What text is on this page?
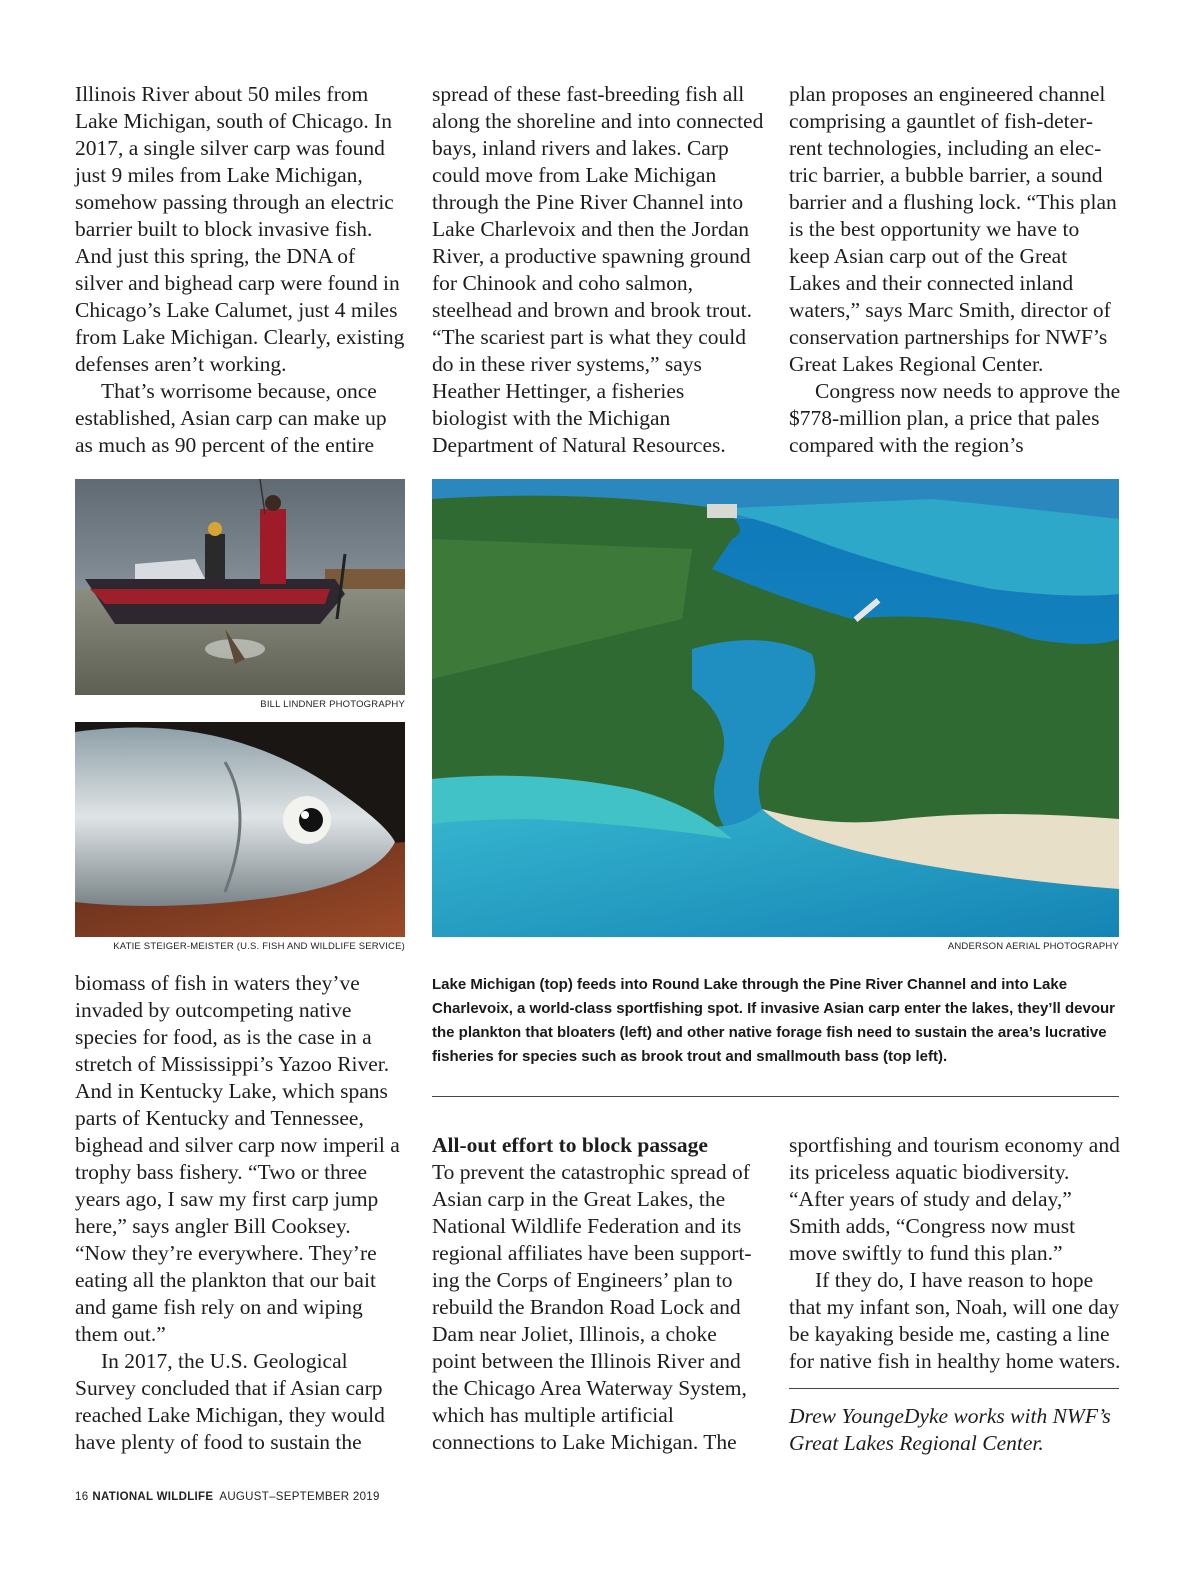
Illinois River about 50 miles from Lake Michigan, south of Chicago. In 2017, a single silver carp was found just 9 miles from Lake Michigan, somehow passing through an electric barrier built to block invasive fish. And just this spring, the DNA of silver and bighead carp were found in Chicago’s Lake Calumet, just 4 miles from Lake Michigan. Clearly, existing defenses aren’t working.

That’s worrisome because, once established, Asian carp can make up as much as 90 percent of the entire

spread of these fast-breeding fish all along the shoreline and into connected bays, inland rivers and lakes. Carp could move from Lake Michigan through the Pine River Channel into Lake Charlevoix and then the Jordan River, a productive spawning ground for Chinook and coho salmon, steelhead and brown and brook trout. “The scariest part is what they could do in these river systems,” says Heather Hettinger, a fisheries biologist with the Michigan Department of Natural Resources.

plan proposes an engineered channel comprising a gauntlet of fish-deter-rent technologies, including an elec-tric barrier, a bubble barrier, a sound barrier and a flushing lock. “This plan is the best opportunity we have to keep Asian carp out of the Great Lakes and their connected inland waters,” says Marc Smith, director of conservation partnerships for NWF’s Great Lakes Regional Center.

Congress now needs to approve the $778-million plan, a price that pales compared with the region’s

BILL LINDNER PHOTOGRAPHY
KATIE STEIGER-MEISTER (U.S. FISH AND WILDLIFE SERVICE)	ANDERSON AERIAL PHOTOGRAPHY
Lake Michigan (top) feeds into Round Lake through the Pine River Channel and into Lake Charlevoix, a world-class sportfishing spot. If invasive Asian carp enter the lakes, they’ll devour the plankton that bloaters (left) and other native forage fish need to sustain the area’s lucrative fisheries for species such as brook trout and smallmouth bass (top left).

biomass of fish in waters they’ve invaded by outcompeting native species for food, as is the case in a stretch of Mississippi’s Yazoo River. And in Kentucky Lake, which spans parts of Kentucky and Tennessee, bighead and silver carp now imperil a trophy bass fishery. “Two or three years ago, I saw my first carp jump here,” says angler Bill Cooksey. “Now they’re everywhere. They’re eating all the plankton that our bait and game fish rely on and wiping them out.”

In 2017, the U.S. Geological Survey concluded that if Asian carp reached Lake Michigan, they would have plenty of food to sustain the

All-out effort to block passage

To prevent the catastrophic spread of Asian carp in the Great Lakes, the National Wildlife Federation and its regional affiliates have been support-ing the Corps of Engineers’ plan to rebuild the Brandon Road Lock and Dam near Joliet, Illinois, a choke point between the Illinois River and the Chicago Area Waterway System, which has multiple artificial connections to Lake Michigan. The

sportfishing and tourism economy and its priceless aquatic biodiversity. “After years of study and delay,” Smith adds, “Congress now must move swiftly to fund this plan.”

If they do, I have reason to hope that my infant son, Noah, will one day be kayaking beside me, casting a line for native fish in healthy home waters.

Drew YoungeDyke works with NWF’s Great Lakes Regional Center.
16 NATIONAL WILDLIFE AUGUST–SEPTEMBER 2019
